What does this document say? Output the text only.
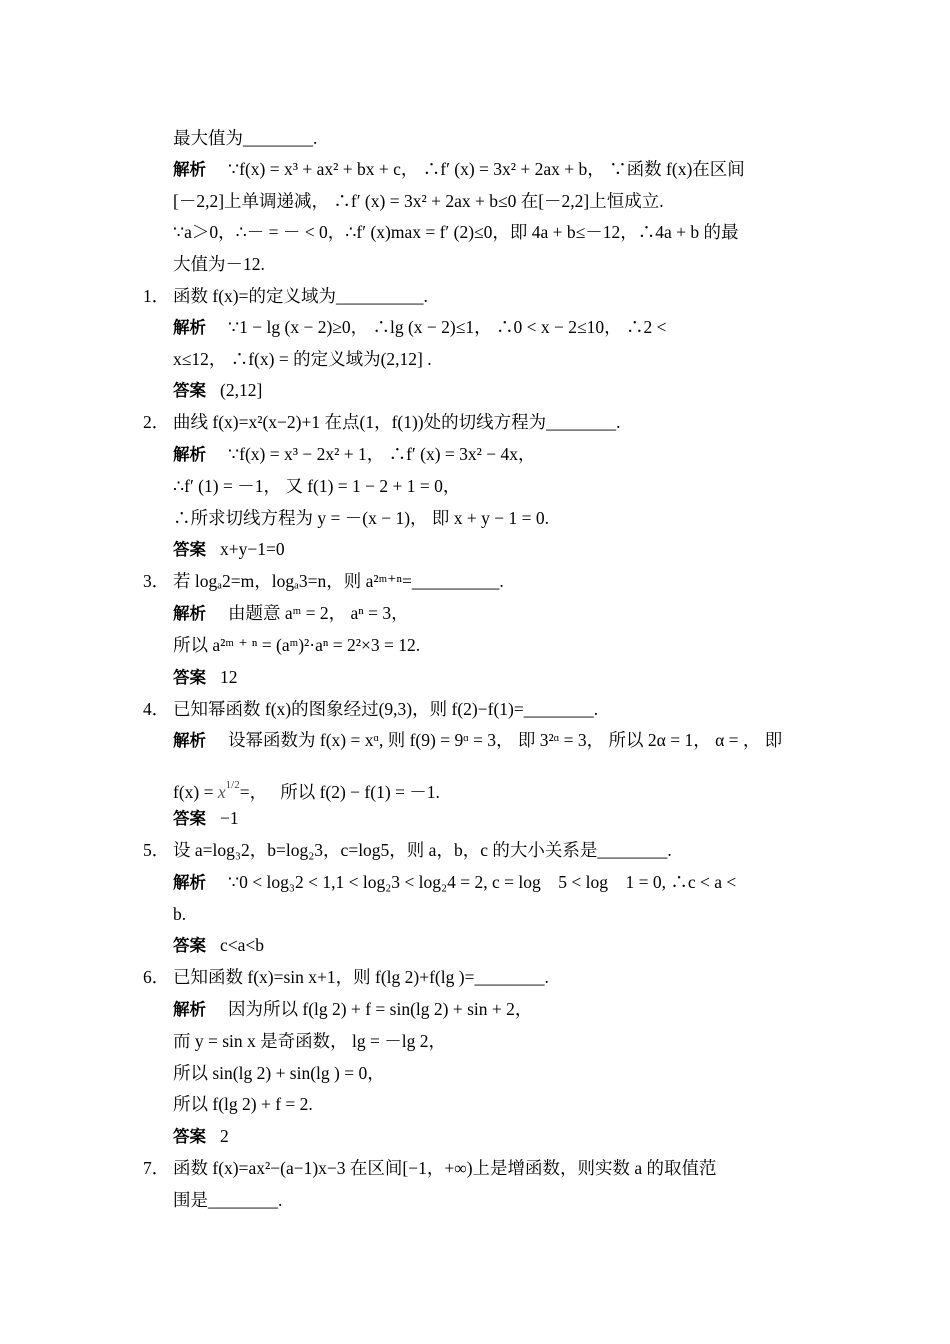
最大值为________.
解析 ∵f(x) = x³ + ax² + bx + c， ∴f′ (x) = 3x² + 2ax + b， ∵函数 f(x)在区间
[－2,2]上单调递减， ∴f′ (x) = 3x² + 2ax + b≤0 在[－2,2]上恒成立.
∵a＞0，∴－ = － < 0，∴f′ (x)max = f′ (2)≤0，即 4a + b≤－12，∴4a + b 的最
大值为－12.
1． 函数 f(x)=的定义域为__________.
解析 ∵1 − lg (x − 2)≥0， ∴lg (x − 2)≤1， ∴0 < x − 2≤10， ∴2 <
x≤12， ∴f(x) = 的定义域为(2,12] .
答案 (2,12]
2． 曲线 f(x)=x²(x−2)+1 在点(1，f(1))处的切线方程为________.
解析 ∵f(x) = x³ − 2x² + 1， ∴f′ (x) = 3x² − 4x，
∴f′ (1) = －1， 又 f(1) = 1 − 2 + 1 = 0，
∴所求切线方程为 y = －(x − 1)， 即 x + y − 1 = 0.
答案 x+y−1=0
3． 若 logₐ2=m，logₐ3=n，则 a²ᵐ⁺ⁿ=__________.
解析 由题意 aᵐ = 2， aⁿ = 3，
所以 a²ᵐ ⁺ ⁿ = (aᵐ)²·aⁿ = 2²×3 = 12.
答案 12
4． 已知幂函数 f(x)的图象经过(9,3)，则 f(2)−f(1)=________.
解析 设幂函数为 f(x) = xᵅ, 则 f(9) = 9ᵅ = 3， 即 3²ᵅ = 3， 所以 2α = 1， α = ， 即
$f(x) = x^{1/2}=$，　 所以 f(2) − f(1) = －1.
答案 −1
5． 设 a=log₃2，b=log₂3，c=log5，则 a，b，c 的大小关系是________.
解析 ∵0 < log₃2 < 1,1 < log₂3 < log₂4 = 2, c = log　5 < log　1 = 0, ∴c < a <
b.
答案 c<a<b
6． 已知函数 f(x)=sin x+1，则 f(lg 2)+f(lg )=________.
解析 因为所以 f(lg 2) + f = sin(lg 2) + sin + 2，
而 y = sin x 是奇函数， lg = －lg 2，
所以 sin(lg 2) + sin(lg ) = 0，
所以 f(lg 2) + f = 2.
答案 2
7． 函数 f(x)=ax²−(a−1)x−3 在区间[−1，+∞)上是增函数，则实数 a 的取值范
围是________.
